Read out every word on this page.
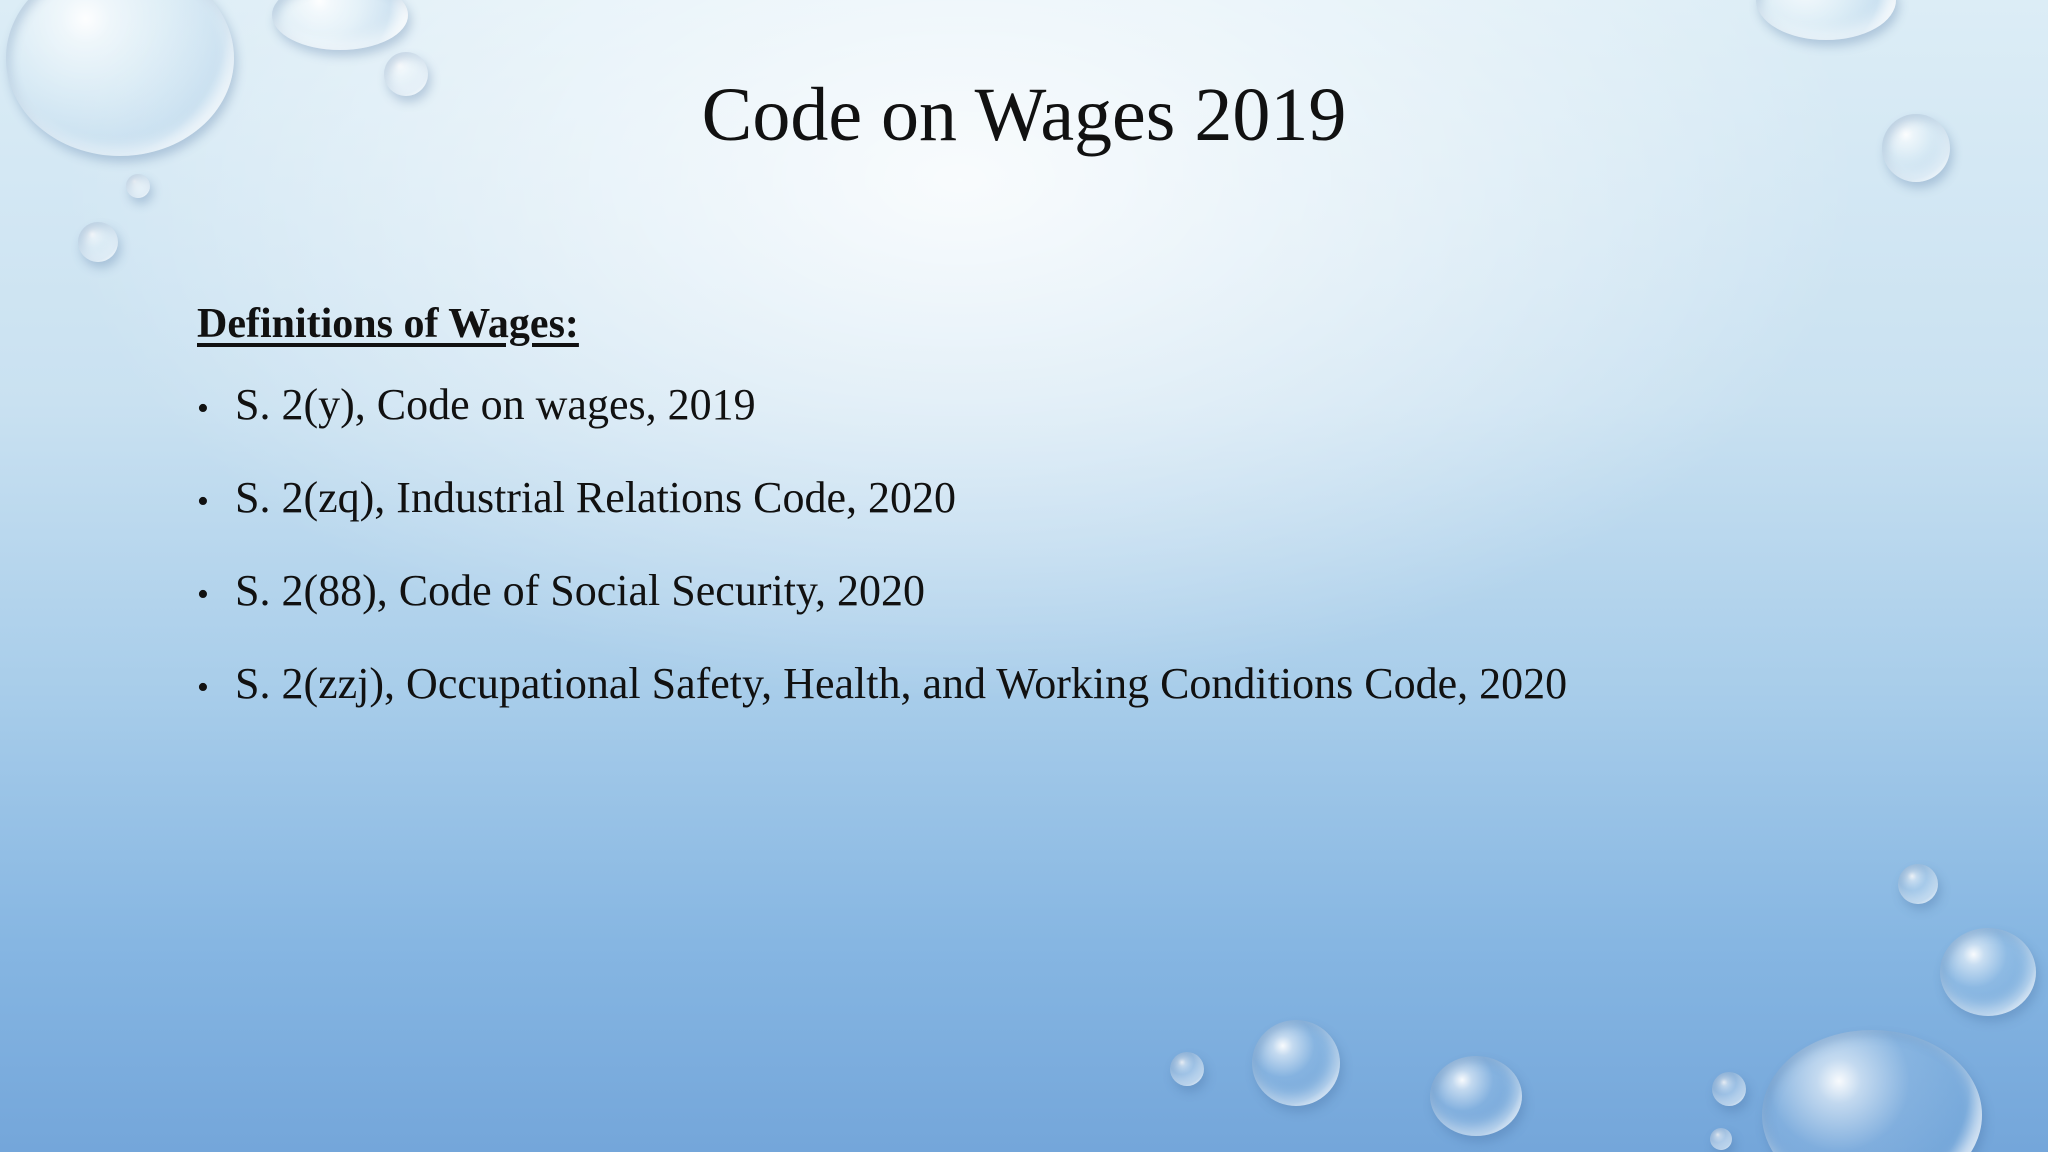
Code on Wages 2019

Definitions of Wages:

• S. 2(y), Code on wages, 2019
• S. 2(zq), Industrial Relations Code, 2020
• S. 2(88), Code of Social Security, 2020
• S. 2(zzj), Occupational Safety, Health, and Working Conditions Code, 2020
